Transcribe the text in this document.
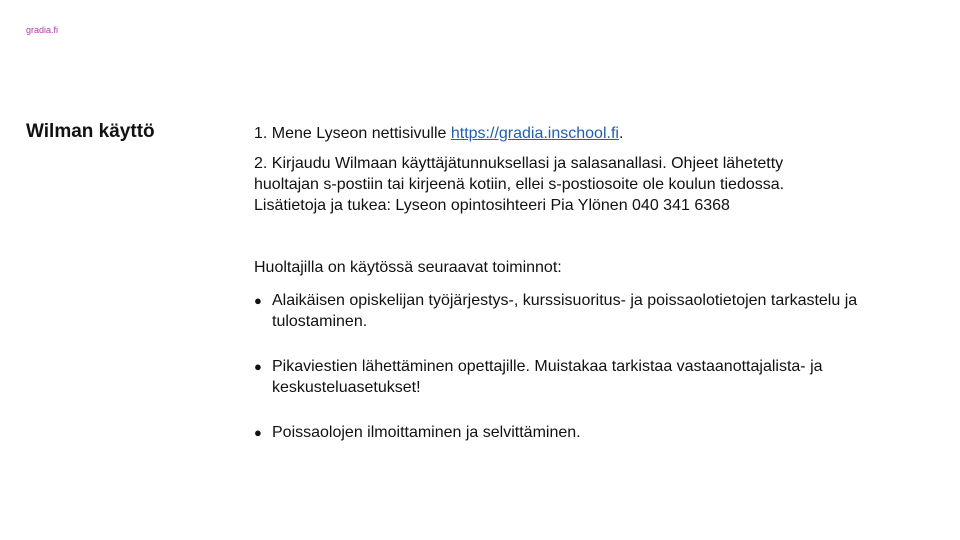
gradia.fi
Wilman käyttö	1. Mene Lyseon nettisivulle https://gradia.inschool.fi.

2. Kirjaudu Wilmaan käyttäjätunnuksellasi ja salasanallasi. Ohjeet lähetetty
huoltajan s-postiin tai kirjeenä kotiin, ellei s-postiosoite ole koulun tiedossa.
Lisätietoja ja tukea: Lyseon opintosihteeri Pia Ylönen 040 341 6368

Huoltajilla on käytössä seuraavat toiminnot:

● Alaikäisen opiskelijan työjärjestys-, kurssisuoritus- ja poissaolotietojen tarkastelu ja tulostaminen.
● Pikaviestien lähettäminen opettajille. Muistakaa tarkistaa vastaanottajalista- ja keskusteluasetukset!
● Poissaolojen ilmoittaminen ja selvittäminen.
